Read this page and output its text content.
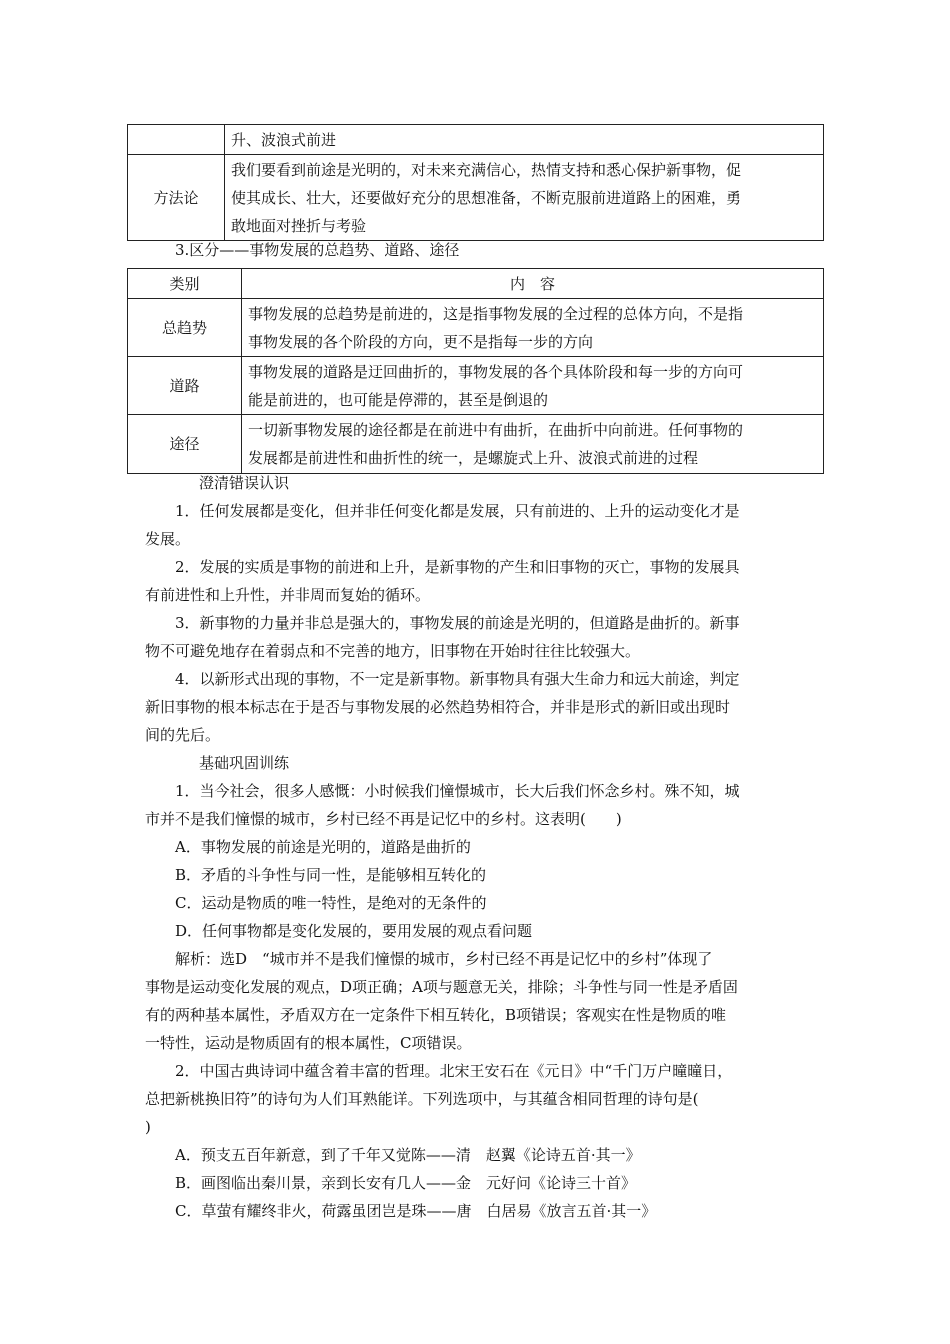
	升、波浪式前进
方法论	我们要看到前途是光明的，对未来充满信心，热情支持和悉心保护新事物，促
使其成长、壮大，还要做好充分的思想准备，不断克服前进道路上的困难，勇
敢地面对挫折与考验
3.区分——事物发展的总趋势、道路、途径
类别	内　容
总趋势	事物发展的总趋势是前进的，这是指事物发展的全过程的总体方向，不是指
事物发展的各个阶段的方向，更不是指每一步的方向

道路	事物发展的道路是迂回曲折的，事物发展的各个具体阶段和每一步的方向可
能是前进的，也可能是停滞的，甚至是倒退的

途径	一切新事物发展的途径都是在前进中有曲折，在曲折中向前进。任何事物的
发展都是前进性和曲折性的统一，是螺旋式上升、波浪式前进的过程
澄清错误认识
1．任何发展都是变化，但并非任何变化都是发展，只有前进的、上升的运动变化才是
发展。
2．发展的实质是事物的前进和上升，是新事物的产生和旧事物的灭亡，事物的发展具
有前进性和上升性，并非周而复始的循环。
3．新事物的力量并非总是强大的，事物发展的前途是光明的，但道路是曲折的。新事
物不可避免地存在着弱点和不完善的地方，旧事物在开始时往往比较强大。
4．以新形式出现的事物，不一定是新事物。新事物具有强大生命力和远大前途，判定
新旧事物的根本标志在于是否与事物发展的必然趋势相符合，并非是形式的新旧或出现时
间的先后。
基础巩固训练
1．当今社会，很多人感慨：小时候我们憧憬城市，长大后我们怀念乡村。殊不知，城
市并不是我们憧憬的城市，乡村已经不再是记忆中的乡村。这表明(　　)
A．事物发展的前途是光明的，道路是曲折的
B．矛盾的斗争性与同一性，是能够相互转化的
C．运动是物质的唯一特性，是绝对的无条件的
D．任何事物都是变化发展的，要用发展的观点看问题
解析：选D　“城市并不是我们憧憬的城市，乡村已经不再是记忆中的乡村”体现了
事物是运动变化发展的观点，D项正确；A项与题意无关，排除；斗争性与同一性是矛盾固
有的两种基本属性，矛盾双方在一定条件下相互转化，B项错误；客观实在性是物质的唯
一特性，运动是物质固有的根本属性，C项错误。
2．中国古典诗词中蕴含着丰富的哲理。北宋王安石在《元日》中“千门万户曈曈日，
总把新桃换旧符”的诗句为人们耳熟能详。下列选项中，与其蕴含相同哲理的诗句是(
)
A．预支五百年新意，到了千年又觉陈——清　赵翼《论诗五首·其一》
B．画图临出秦川景，亲到长安有几人——金　元好问《论诗三十首》
C．草萤有耀终非火，荷露虽团岂是珠——唐　白居易《放言五首·其一》
